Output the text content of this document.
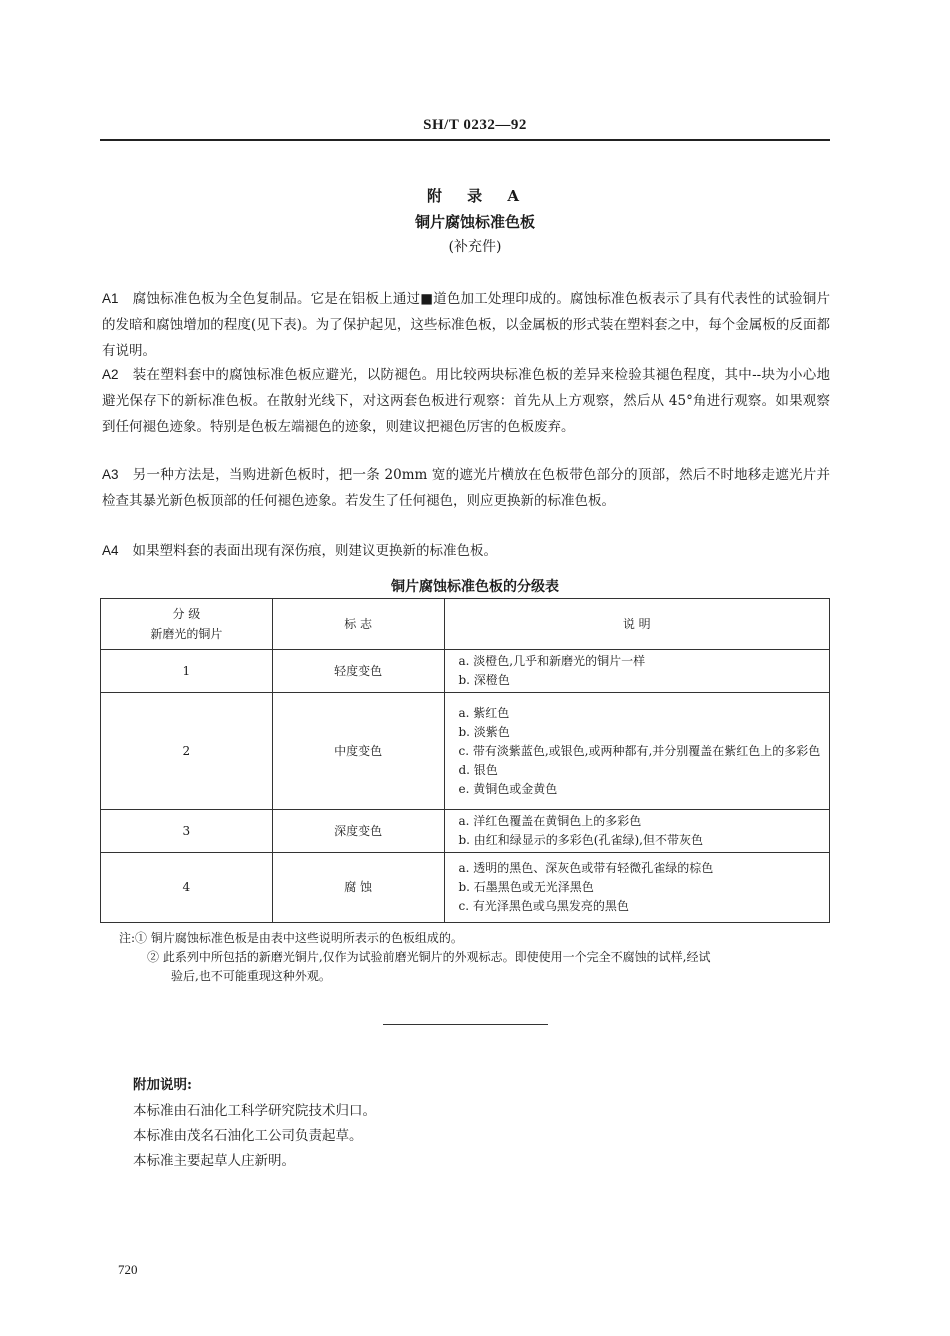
SH/T 0232—92
附 录 A
铜片腐蚀标准色板
(补充件)
A1 腐蚀标准色板为全色复制品。它是在铝板上通过■道色加工处理印成的。腐蚀标准色板表示了具有代表性的试验铜片的发暗和腐蚀增加的程度(见下表)。为了保护起见，这些标准色板，以金属板的形式装在塑料套之中，每个金属板的反面都有说明。
A2 装在塑料套中的腐蚀标准色板应避光，以防褪色。用比较两块标准色板的差异来检验其褪色程度，其中--块为小心地避光保存下的新标准色板。在散射光线下，对这两套色板进行观察：首先从上方观察，然后从 45°角进行观察。如果观察到任何褪色迹象。特别是色板左端褪色的迹象，则建议把褪色厉害的色板废弃。
A3 另一种方法是，当购进新色板时，把一条 20mm 宽的遮光片横放在色板带色部分的顶部，然后不时地移走遮光片并检查其暴光新色板顶部的任何褪色迹象。若发生了任何褪色，则应更换新的标准色板。
A4 如果塑料套的表面出现有深伤痕，则建议更换新的标准色板。
铜片腐蚀标准色板的分级表
分 级
新磨光的铜片	标 志	说 明
1	轻度变色	a. 淡橙色,几乎和新磨光的铜片一样
b. 深橙色

2	中度变色	a. 紫红色
b. 淡紫色
c. 带有淡紫蓝色,或银色,或两种都有,并分别覆盖在紫红色上的多彩色
d. 银色
e. 黄铜色或金黄色

3	深度变色	a. 洋红色覆盖在黄铜色上的多彩色
b. 由红和绿显示的多彩色(孔雀绿),但不带灰色

4	腐 蚀	a. 透明的黑色、深灰色或带有轻微孔雀绿的棕色
b. 石墨黑色或无光泽黑色
c. 有光泽黑色或乌黑发亮的黑色
注:① 铜片腐蚀标准色板是由表中这些说明所表示的色板组成的。
② 此系列中所包括的新磨光铜片,仅作为试验前磨光铜片的外观标志。即使使用一个完全不腐蚀的试样,经试
验后,也不可能重现这种外观。
附加说明:
本标准由石油化工科学研究院技术归口。
本标准由茂名石油化工公司负责起草。
本标准主要起草人庄新明。
720
